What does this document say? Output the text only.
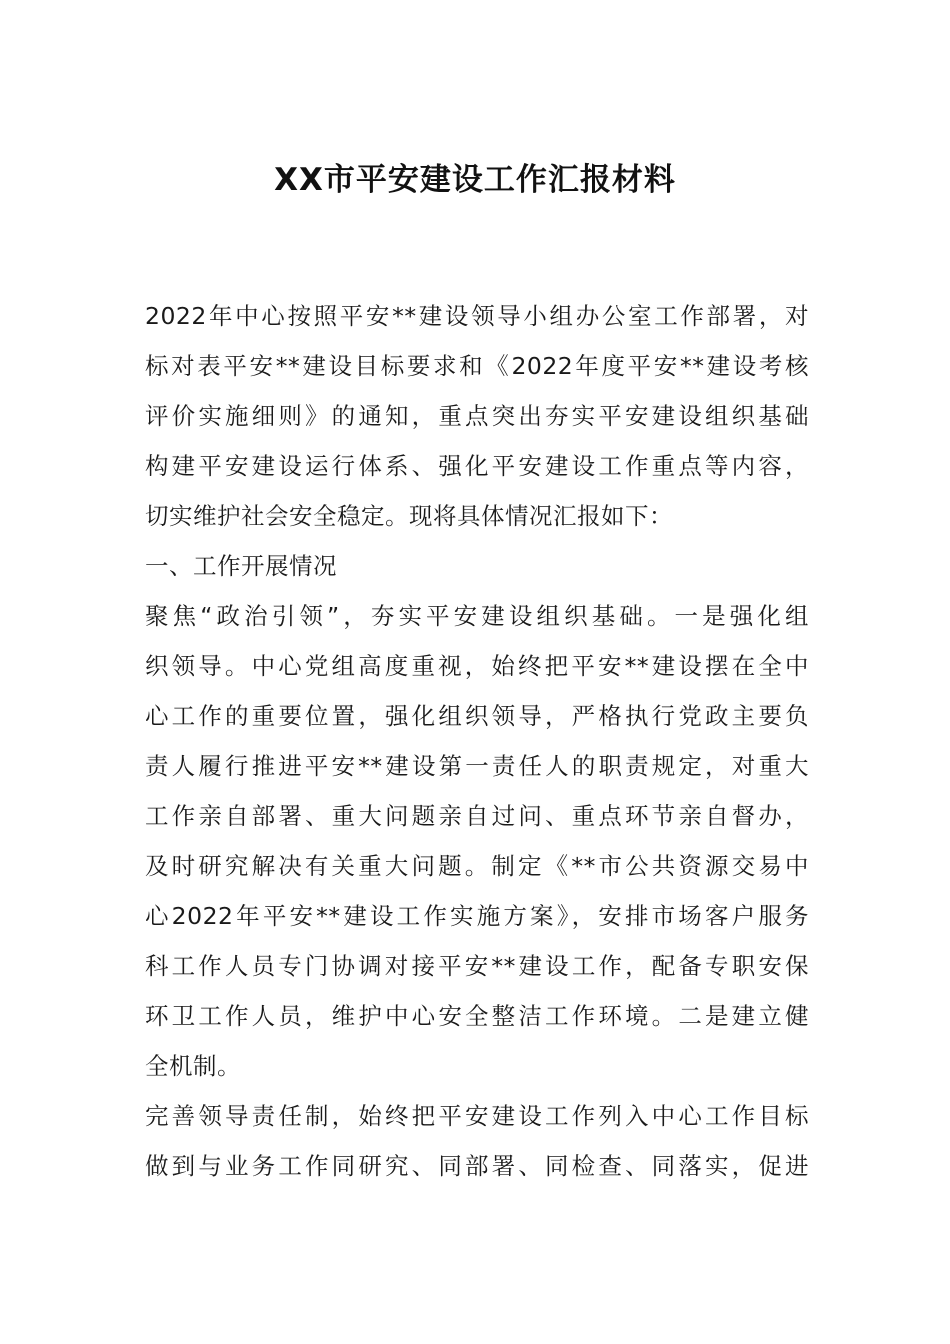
XX市平安建设工作汇报材料
2022年中心按照平安**建设领导小组办公室工作部署，对
标对表平安**建设目标要求和《2022年度平安**建设考核
评价实施细则》的通知，重点突出夯实平安建设组织基础
构建平安建设运行体系、强化平安建设工作重点等内容，
切实维护社会安全稳定。现将具体情况汇报如下：
一、工作开展情况
聚焦“政治引领”，夯实平安建设组织基础。一是强化组
织领导。中心党组高度重视，始终把平安**建设摆在全中
心工作的重要位置，强化组织领导，严格执行党政主要负
责人履行推进平安**建设第一责任人的职责规定，对重大
工作亲自部署、重大问题亲自过问、重点环节亲自督办，
及时研究解决有关重大问题。制定《**市公共资源交易中
心2022年平安**建设工作实施方案》，安排市场客户服务
科工作人员专门协调对接平安**建设工作，配备专职安保
环卫工作人员，维护中心安全整洁工作环境。二是建立健
全机制。
完善领导责任制，始终把平安建设工作列入中心工作目标
做到与业务工作同研究、同部署、同检查、同落实，促进
